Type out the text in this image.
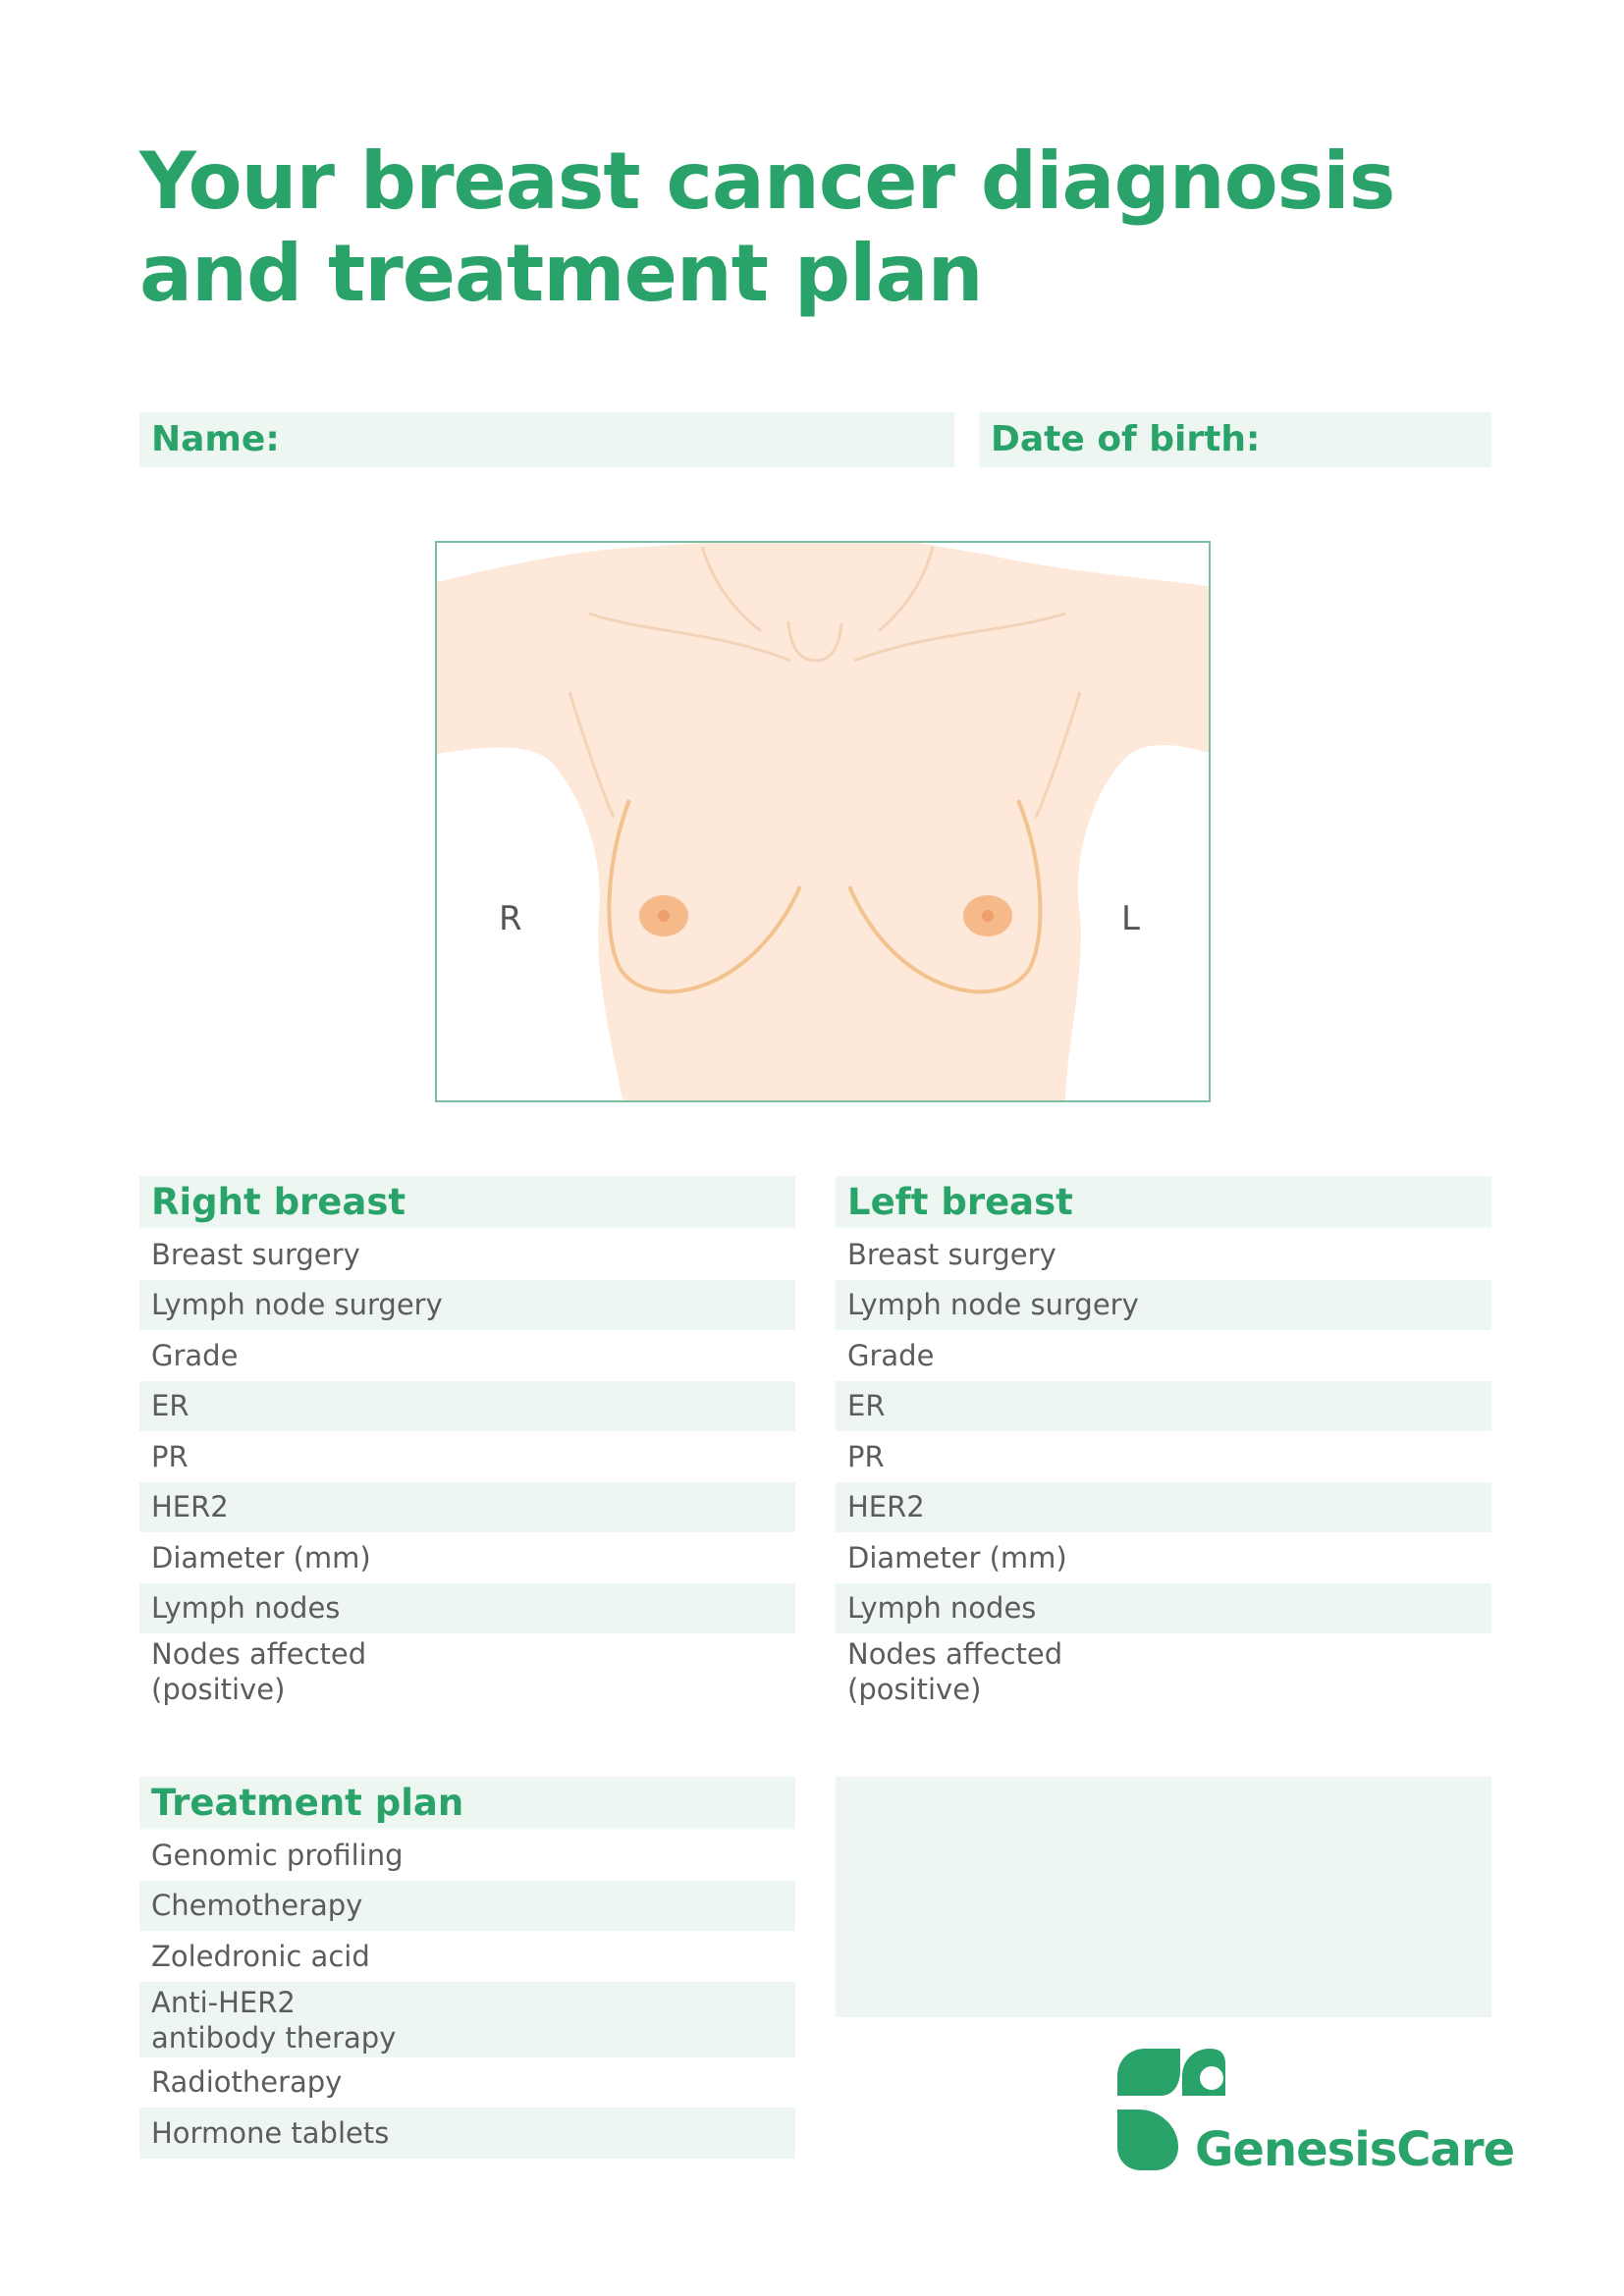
Your breast cancer diagnosis
and treatment plan
Name:	Date of birth:
R	L
Right breast
Breast surgery
Lymph node surgery
Grade
ER
PR
HER2
Diameter (mm)
Lymph nodes
Nodes affected
(positive)
Left breast
Breast surgery
Lymph node surgery
Grade
ER
PR
HER2
Diameter (mm)
Lymph nodes
Nodes affected
(positive)
Treatment plan
Genomic profiling
Chemotherapy
Zoledronic acid
Anti-HER2
antibody therapy
Radiotherapy
Hormone tablets	GenesisCare
